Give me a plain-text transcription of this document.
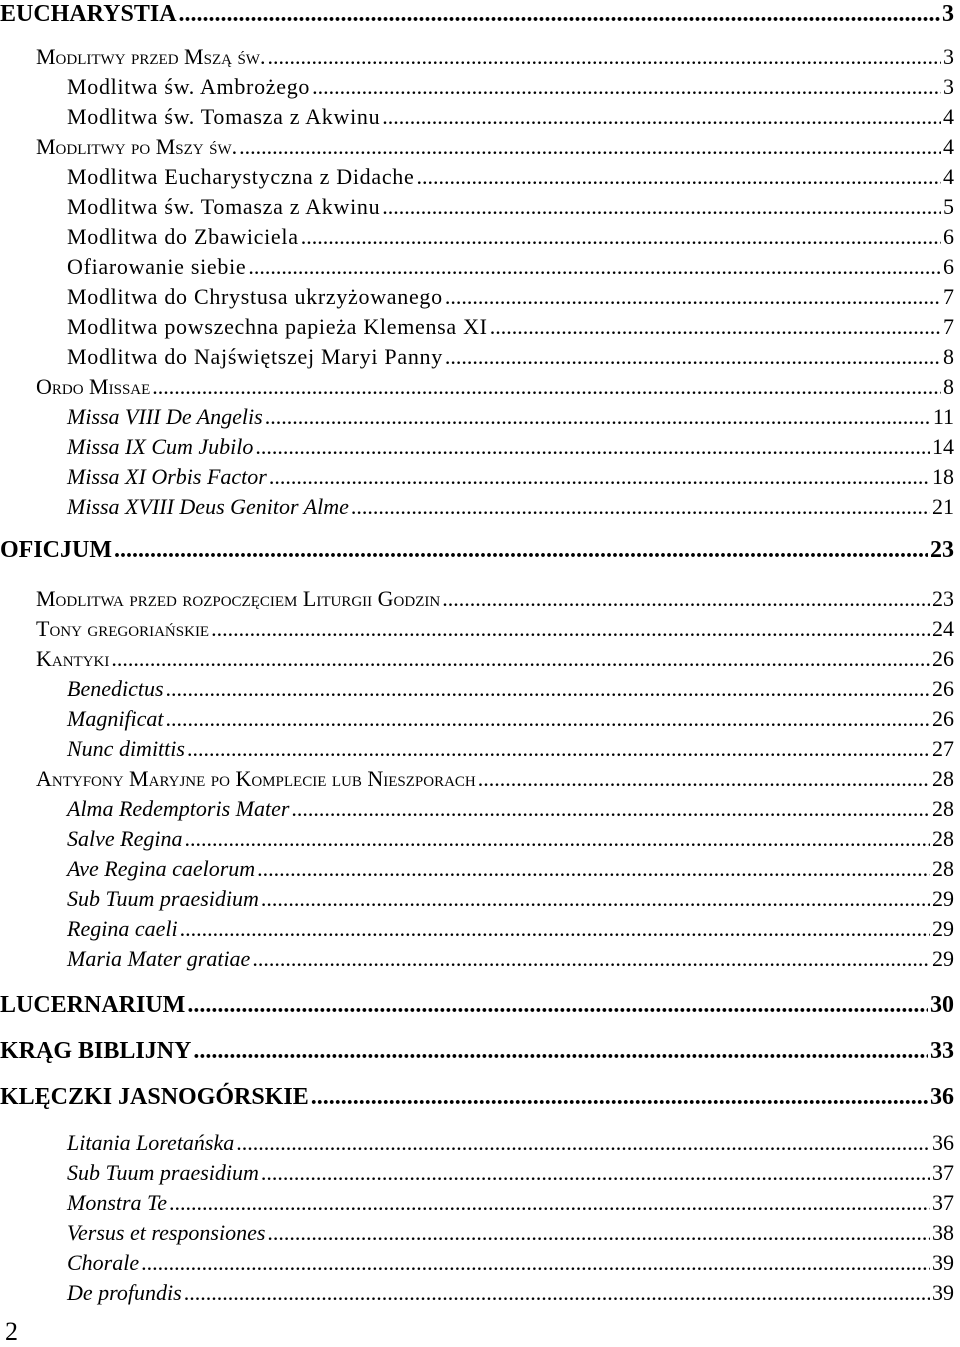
EUCHARYSTIA .....	3
Modlitwy przed Mszą św. .....	3
Modlitwa św. Ambrożego .....	3
Modlitwa św. Tomasza z Akwinu .....	4
Modlitwy po Mszy św. .....	4
Modlitwa Eucharystyczna z Didache .....	4
Modlitwa św. Tomasza z Akwinu .....	5
Modlitwa do Zbawiciela .....	6
Ofiarowanie siebie .....	6
Modlitwa do Chrystusa ukrzyżowanego .....	7
Modlitwa powszechna papieża Klemensa XI .....	7
Modlitwa do Najświętszej Maryi Panny .....	8
Ordo Missae .....	8
Missa VIII De Angelis .....	11
Missa IX Cum Jubilo .....	14
Missa XI Orbis Factor .....	18
Missa XVIII Deus Genitor Alme .....	21
OFICJUM .....	23
Modlitwa przed rozpoczęciem Liturgii Godzin .....	23
Tony gregoriańskie .....	24
Kantyki .....	26
Benedictus .....	26
Magnificat .....	26
Nunc dimittis .....	27
Antyfony Maryjne po Komplecie lub Nieszporach .....	28
Alma Redemptoris Mater .....	28
Salve Regina .....	28
Ave Regina caelorum .....	28
Sub Tuum praesidium .....	29
Regina caeli .....	29
Maria Mater gratiae .....	29
LUCERNARIUM .....	30
KRĄG BIBLIJNY .....	33
KLĘCZKI JASNOGÓRSKIE .....	36
Litania Loretańska .....	36
Sub Tuum praesidium .....	37
Monstra Te .....	37
Versus et responsiones .....	38
Chorale .....	39
De profundis .....	39
2
